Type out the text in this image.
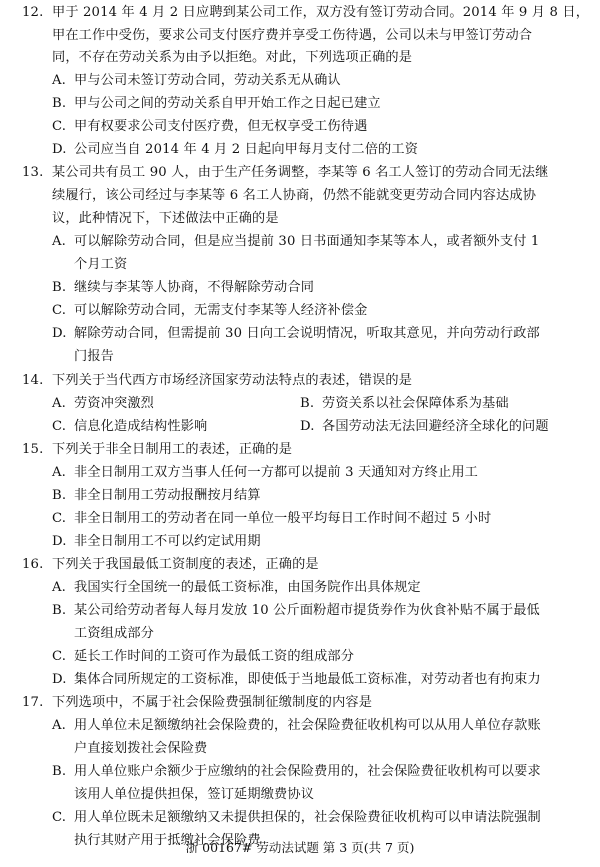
12. 甲于 2014 年 4 月 2 日应聘到某公司工作，双方没有签订劳动合同。2014 年 9 月 8 日，
甲在工作中受伤，要求公司支付医疗费并享受工伤待遇，公司以未与甲签订劳动合
同，不存在劳动关系为由予以拒绝。对此，下列选项正确的是
A. 甲与公司未签订劳动合同，劳动关系无从确认
B. 甲与公司之间的劳动关系自甲开始工作之日起已建立
C. 甲有权要求公司支付医疗费，但无权享受工伤待遇
D. 公司应当自 2014 年 4 月 2 日起向甲每月支付二倍的工资
13. 某公司共有员工 90 人，由于生产任务调整，李某等 6 名工人签订的劳动合同无法继
续履行，该公司经过与李某等 6 名工人协商，仍然不能就变更劳动合同内容达成协
议，此种情况下，下述做法中正确的是
A. 可以解除劳动合同，但是应当提前 30 日书面通知李某等本人，或者额外支付 1
个月工资
B. 继续与李某等人协商，不得解除劳动合同
C. 可以解除劳动合同，无需支付李某等人经济补偿金
D. 解除劳动合同，但需提前 30 日向工会说明情况，听取其意见，并向劳动行政部
门报告
14. 下列关于当代西方市场经济国家劳动法特点的表述，错误的是
A. 劳资冲突激烈	B. 劳资关系以社会保障体系为基础
C. 信息化造成结构性影响	D. 各国劳动法无法回避经济全球化的问题
15. 下列关于非全日制用工的表述，正确的是
A. 非全日制用工双方当事人任何一方都可以提前 3 天通知对方终止用工
B. 非全日制用工劳动报酬按月结算
C. 非全日制用工的劳动者在同一单位一般平均每日工作时间不超过 5 小时
D. 非全日制用工不可以约定试用期
16. 下列关于我国最低工资制度的表述，正确的是
A. 我国实行全国统一的最低工资标准，由国务院作出具体规定
B. 某公司给劳动者每人每月发放 10 公斤面粉超市提货券作为伙食补贴不属于最低
工资组成部分
C. 延长工作时间的工资可作为最低工资的组成部分
D. 集体合同所规定的工资标准，即使低于当地最低工资标准，对劳动者也有拘束力
17. 下列选项中，不属于社会保险费强制征缴制度的内容是
A. 用人单位未足额缴纳社会保险费的，社会保险费征收机构可以从用人单位存款账
户直接划拨社会保险费
B. 用人单位账户余额少于应缴纳的社会保险费用的，社会保险费征收机构可以要求
该用人单位提供担保，签订延期缴费协议
C. 用人单位既未足额缴纳又未提供担保的，社会保险费征收机构可以申请法院强制
执行其财产用于抵缴社会保险费
浙 00167# 劳动法试题 第 3 页(共 7 页)
